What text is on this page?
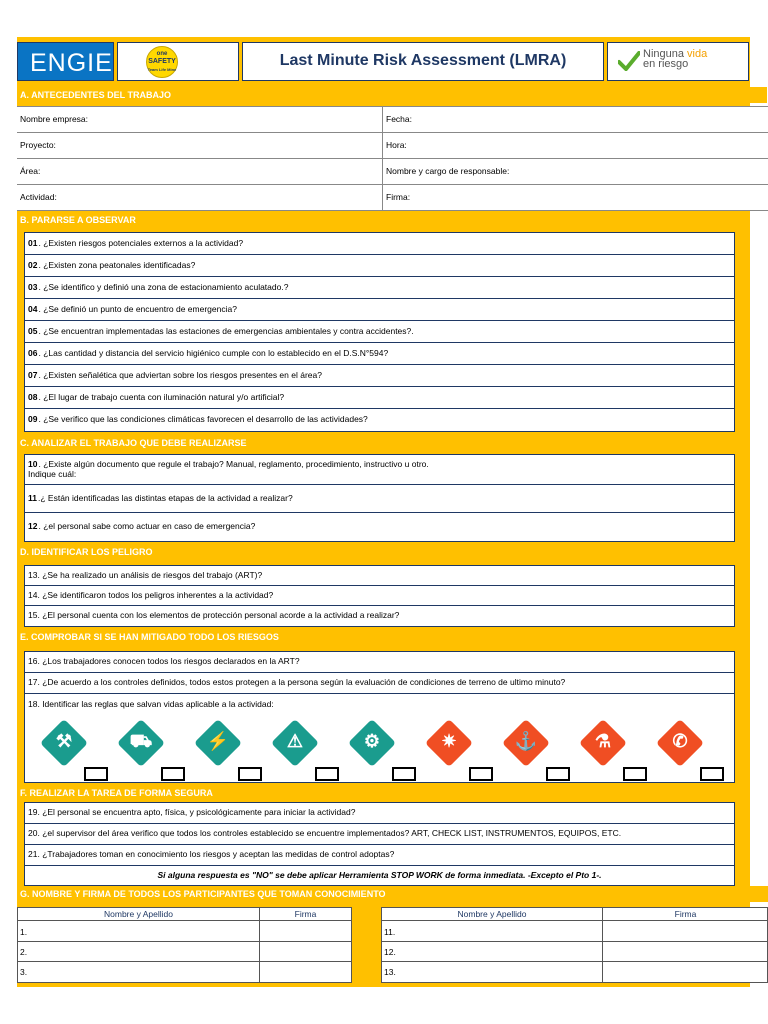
ENGIE	one
SAFETY
Team Life Mine
Last Minute Risk Assessment (LMRA)	Ninguna vida
en riesgo
A. ANTECEDENTES DEL TRABAJO
Nombre empresa:	Fecha:
Proyecto:	Hora:
Área:	Nombre y cargo de responsable:
Actividad:	Firma:
B. PARARSE A OBSERVAR
01 . ¿Existen riesgos potenciales externos a la actividad?
02 . ¿Existen zona peatonales identificadas?
03 . ¿Se identifico y definió una zona de estacionamiento aculatado.?
04 . ¿Se definió un punto de encuentro de emergencia?
05 . ¿Se encuentran implementadas las estaciones de emergencias ambientales y contra accidentes?.
06 . ¿Las cantidad y distancia del servicio higiénico cumple con lo establecido en el D.S.N°594?
07 . ¿Existen señalética que adviertan sobre los riesgos presentes en el área?
08 . ¿El lugar de trabajo cuenta con iluminación natural y/o artificial?
09 . ¿Se verifico que las condiciones climáticas favorecen el desarrollo de las actividades?
C. ANALIZAR EL TRABAJO QUE DEBE REALIZARSE
10. ¿Existe algún documento que regule el trabajo? Manual, reglamento, procedimiento, instructivo u otro.
Indique cuál:
11 .¿ Están identificadas las distintas etapas de la actividad a realizar?
12 . ¿el personal sabe como actuar en caso de emergencia?
D. IDENTIFICAR LOS PELIGRO
13 . ¿Se ha realizado un análisis de riesgos del trabajo (ART)?
14 . ¿Se identificaron todos los peligros inherentes a la actividad?
15 . ¿El personal cuenta con los elementos de protección personal acorde a la actividad a realizar?
E. COMPROBAR SI SE HAN MITIGADO TODO LOS RIESGOS
16 . ¿Los trabajadores conocen todos los riesgos declarados en la ART?
17 . ¿De acuerdo a los controles definidos, todos estos protegen a la persona según la evaluación de condiciones de terreno de ultimo minuto?
18 . Identificar las reglas que salvan vidas aplicable a la actividad:
⚒	⛟	⚡	⚠	⚙	✷	⚓	⚗	✆
F. REALIZAR LA TAREA DE FORMA SEGURA
19 . ¿El personal se encuentra apto, física, y psicológicamente para iniciar la actividad?
20 . ¿el supervisor del área verifico que todos los controles establecido se encuentre implementados? ART, CHECK LIST, INSTRUMENTOS, EQUIPOS, ETC.
21 . ¿Trabajadores toman en conocimiento los riesgos y aceptan las medidas de control adoptas?
Si alguna respuesta es "NO" se debe aplicar Herramienta STOP WORK de forma inmediata. -Excepto el Pto 1-.
G. NOMBRE Y FIRMA DE TODOS LOS PARTICIPANTES QUE TOMAN CONOCIMIENTO
Nombre y Apellido	Firma
1.
2.
3.
Nombre y Apellido	Firma
11.
12.
13.
